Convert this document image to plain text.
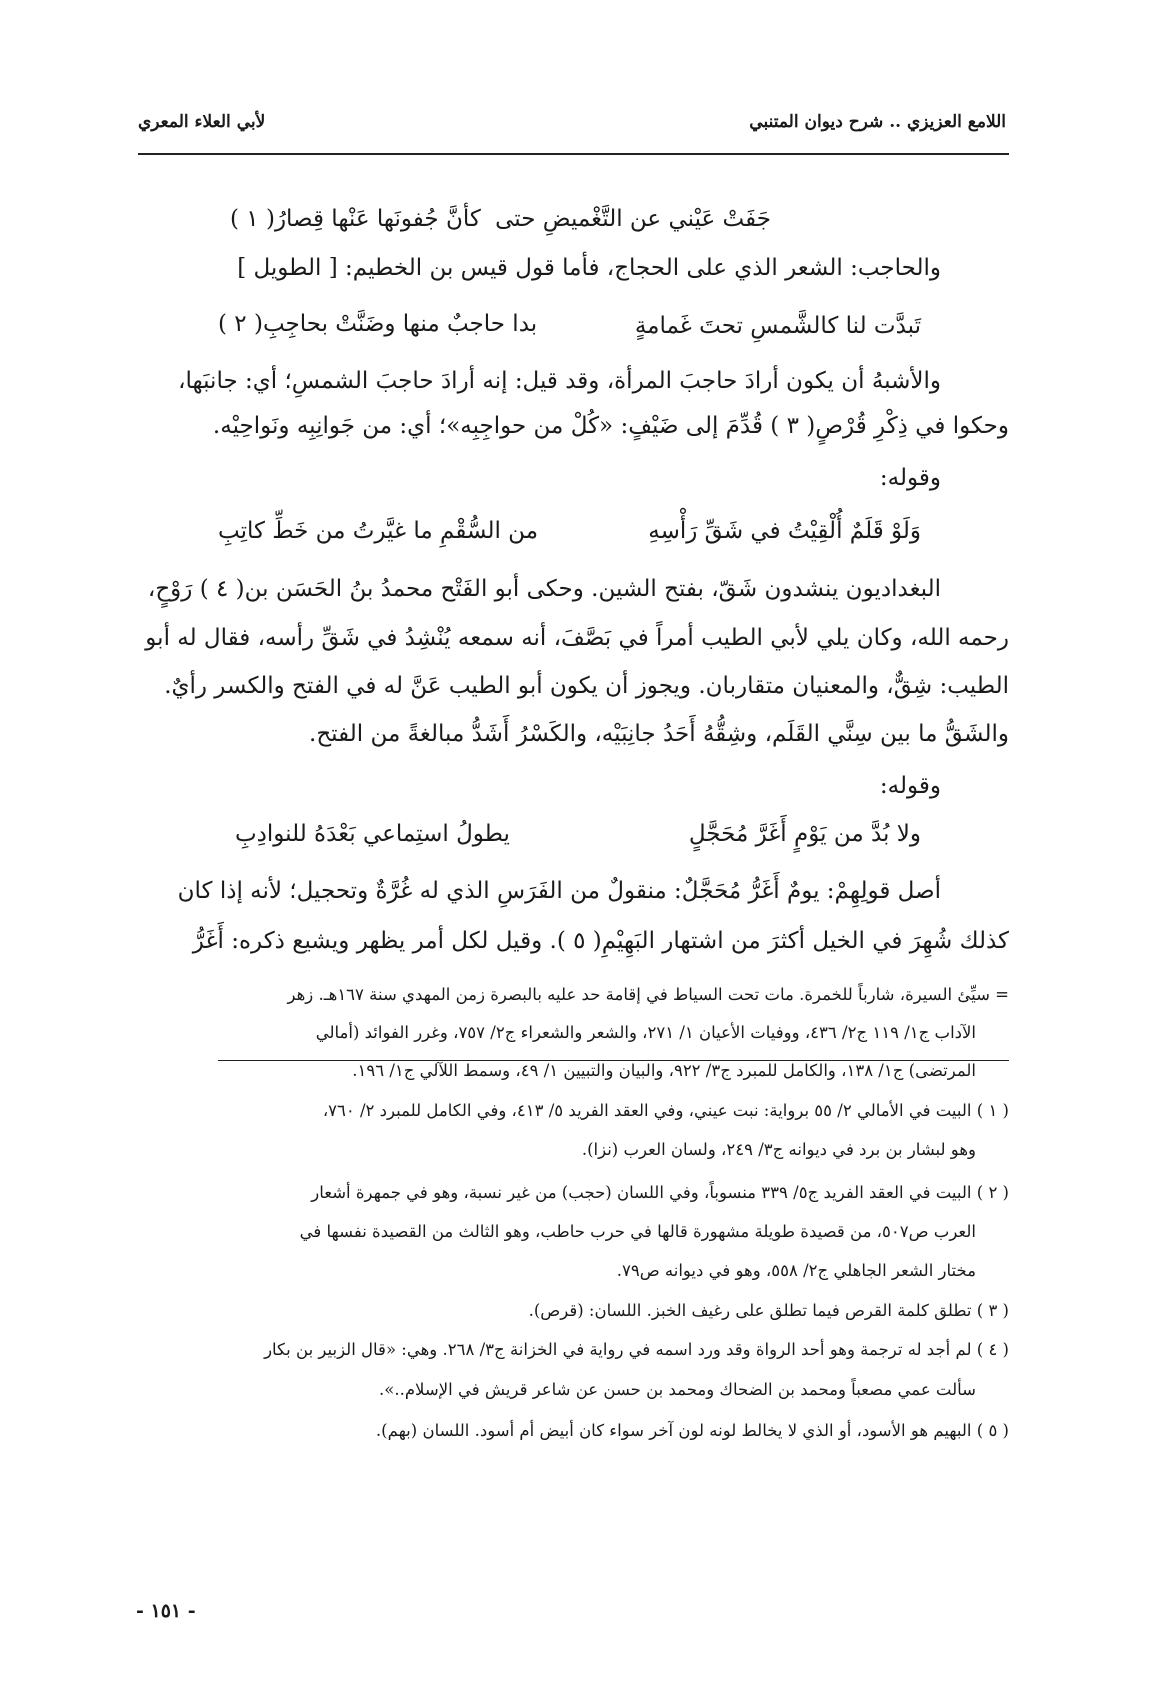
اللامع العزيزي .. شرح ديوان المتنبي
لأبي العلاء المعري
جَفَتْ عَيْني عن التَّغْميضِ حتى
كأنَّ جُفونَها عَنْها قِصارُ( ١ )
والحاجب: الشعر الذي على الحجاج، فأما قول قيس بن الخطيم: [ الطويل ]
تَبدَّت لنا كالشَّمسِ تحتَ غَمامةٍ
بدا حاجبٌ منها وضَنَّتْ بحاجِبِ( ٢ )
والأشبهُ أن يكون أرادَ حاجبَ المرأة، وقد قيل: إنه أرادَ حاجبَ الشمسِ؛ أي: جانبَها،
وحكوا في ذِكْرِ قُرْصٍ( ٣ ) قُدِّمَ إلى ضَيْفٍ: «كُلْ من حواجِبِه»؛ أي: من جَوانِبِه ونَواحِيْه.
وقوله:
وَلَوْ قَلَمٌ أُلْقِيْتُ في شَقِّ رَأْسِهِ
من السُّقْمِ ما غيَّرتُ من خَطِّ كاتِبِ
البغداديون ينشدون شَقّ، بفتح الشين. وحكى أبو الفَتْح محمدُ بنُ الحَسَن بن( ٤ ) رَوْحٍ،
رحمه الله، وكان يلي لأبي الطيب أمراً في بَصَّفَ، أنه سمعه يُنْشِدُ في شَقِّ رأسه، فقال له أبو
الطيب: شِقٌّ، والمعنيان متقاربان. ويجوز أن يكون أبو الطيب عَنَّ له في الفتح والكسر رأيٌ.
والشَقُّ ما بين سِنَّي القَلَم، وشِقُّهُ أَحَدُ جانِبَيْه، والكَسْرُ أَشَدُّ مبالغةً من الفتح.
وقوله:
ولا بُدَّ من يَوْمٍ أَغَرَّ مُحَجَّلٍ
يطولُ استِماعي بَعْدَهُ للنوادِبِ
أصل قولِهِمْ: يومٌ أَغَرُّ مُحَجَّلٌ: منقولٌ من الفَرَسِ الذي له غُرَّةٌ وتحجيل؛ لأنه إذا كان
كذلك شُهِرَ في الخيل أكثرَ من اشتهار البَهِيْمِ( ٥ ). وقيل لكل أمر يظهر ويشيع ذكره: أَغَرُّ
= سيِّئ السيرة، شارباً للخمرة. مات تحت السياط في إقامة حد عليه بالبصرة زمن المهدي سنة ١٦٧هـ. زهر
الآداب ج١/ ١١٩ ج٢/ ٤٣٦، ووفيات الأعيان ١/ ٢٧١، والشعر والشعراء ج٢/ ٧٥٧، وغرر الفوائد (أمالي
المرتضى) ج١/ ١٣٨، والكامل للمبرد ج٣/ ٩٢٢، والبيان والتبيين ١/ ٤٩، وسمط اللآلي ج١/ ١٩٦.
( ١ ) البيت في الأمالي ٢/ ٥٥ برواية: نبت عيني، وفي العقد الفريد ٥/ ٤١٣، وفي الكامل للمبرد ٢/ ٧٦٠،
وهو لبشار بن برد في ديوانه ج٣/ ٢٤٩، ولسان العرب (نزا).
( ٢ ) البيت في العقد الفريد ج٥/ ٣٣٩ منسوباً، وفي اللسان (حجب) من غير نسبة، وهو في جمهرة أشعار
العرب ص٥٠٧، من قصيدة طويلة مشهورة قالها في حرب حاطب، وهو الثالث من القصيدة نفسها في
مختار الشعر الجاهلي ج٢/ ٥٥٨، وهو في ديوانه ص٧٩.
( ٣ ) تطلق كلمة القرص فيما تطلق على رغيف الخبز. اللسان: (قرص).
( ٤ ) لم أجد له ترجمة وهو أحد الرواة وقد ورد اسمه في رواية في الخزانة ج٣/ ٢٦٨. وهي: «قال الزبير بن بكار
سألت عمي مصعباً ومحمد بن الضحاك ومحمد بن حسن عن شاعر قريش في الإسلام..».
( ٥ ) البهيم هو الأسود، أو الذي لا يخالط لونه لون آخر سواء كان أبيض أم أسود. اللسان (بهم).
- ١٥١ -
